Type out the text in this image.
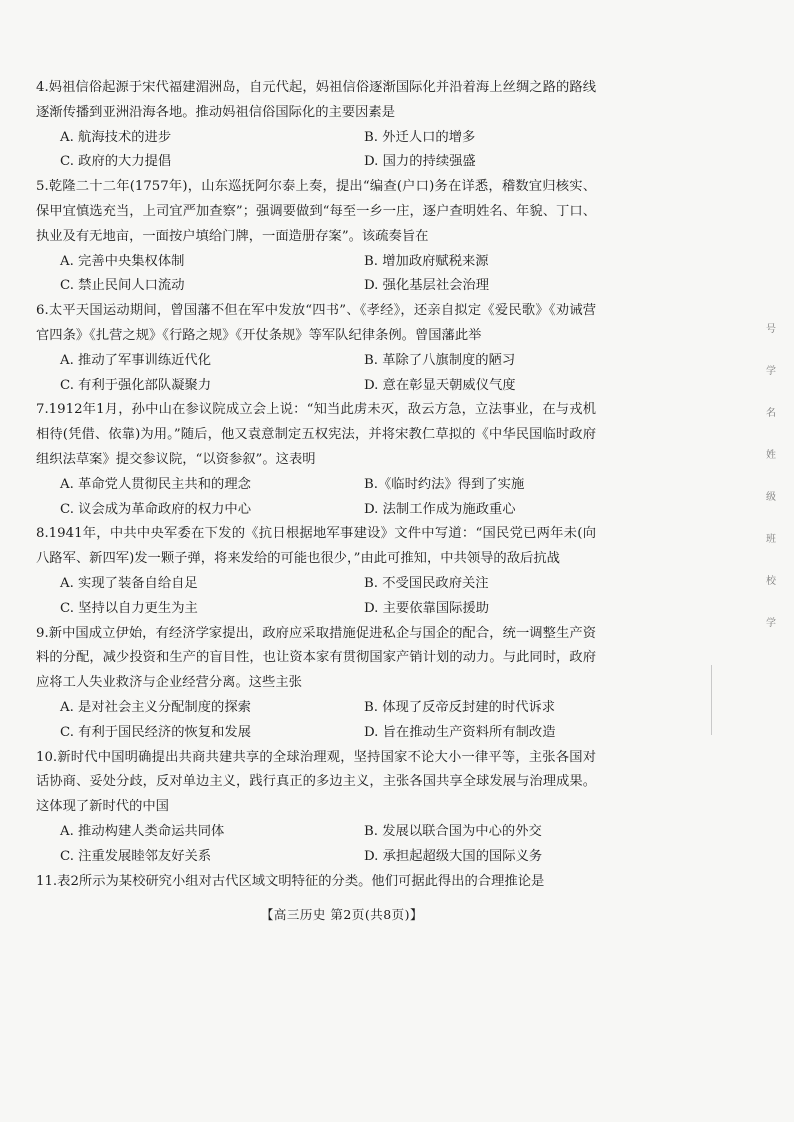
4.妈祖信俗起源于宋代福建湄洲岛，自元代起，妈祖信俗逐渐国际化并沿着海上丝绸之路的路线逐渐传播到亚洲沿海各地。推动妈祖信俗国际化的主要因素是
A. 航海技术的进步	B. 外迁人口的增多
C. 政府的大力提倡	D. 国力的持续强盛
5.乾隆二十二年(1757年)，山东巡抚阿尔泰上奏，提出“编查(户口)务在详悉，稽数宜归核实、保甲宜慎选充当，上司宜严加查察”；强调要做到“每至一乡一庄，逐户查明姓名、年貌、丁口、执业及有无地亩，一面按户填给门牌，一面造册存案”。该疏奏旨在
A. 完善中央集权体制	B. 增加政府赋税来源
C. 禁止民间人口流动	D. 强化基层社会治理
6.太平天国运动期间，曾国藩不但在军中发放“四书”、《孝经》，还亲自拟定《爱民歌》《劝诫营官四条》《扎营之规》《行路之规》《开仗条规》等军队纪律条例。曾国藩此举
A. 推动了军事训练近代化	B. 革除了八旗制度的陋习
C. 有利于强化部队凝聚力	D. 意在彰显天朝威仪气度
7.1912年1月，孙中山在参议院成立会上说：“知当此虏未灭，敌云方急，立法事业，在与戎机相待(凭借、依靠)为用。”随后，他又袁意制定五权宪法，并将宋教仁草拟的《中华民国临时政府组织法草案》提交参议院，“以资参叙”。这表明
A. 革命党人贯彻民主共和的理念	B.《临时约法》得到了实施
C. 议会成为革命政府的权力中心	D. 法制工作成为施政重心
8.1941年，中共中央军委在下发的《抗日根据地军事建设》文件中写道：“国民党已两年未(向八路军、新四军)发一颗子弹，将来发给的可能也很少，”由此可推知，中共领导的敌后抗战
A. 实现了装备自给自足	B. 不受国民政府关注
C. 坚持以自力更生为主	D. 主要依靠国际援助
9.新中国成立伊始，有经济学家提出，政府应采取措施促进私企与国企的配合，统一调整生产资料的分配，减少投资和生产的盲目性，也让资本家有贯彻国家产销计划的动力。与此同时，政府应将工人失业救济与企业经营分离。这些主张
A. 是对社会主义分配制度的探索	B. 体现了反帝反封建的时代诉求
C. 有利于国民经济的恢复和发展	D. 旨在推动生产资料所有制改造
10.新时代中国明确提出共商共建共享的全球治理观，坚持国家不论大小一律平等，主张各国对话协商、妥处分歧，反对单边主义，践行真正的多边主义，主张各国共享全球发展与治理成果。这体现了新时代的中国
A. 推动构建人类命运共同体	B. 发展以联合国为中心的外交
C. 注重发展睦邻友好关系	D. 承担起超级大国的国际义务
11.表2所示为某校研究小组对古代区域文明特征的分类。他们可据此得出的合理推论是
【高三历史 第2页(共8页)】
号
学
名
姓
级
班
校
学
